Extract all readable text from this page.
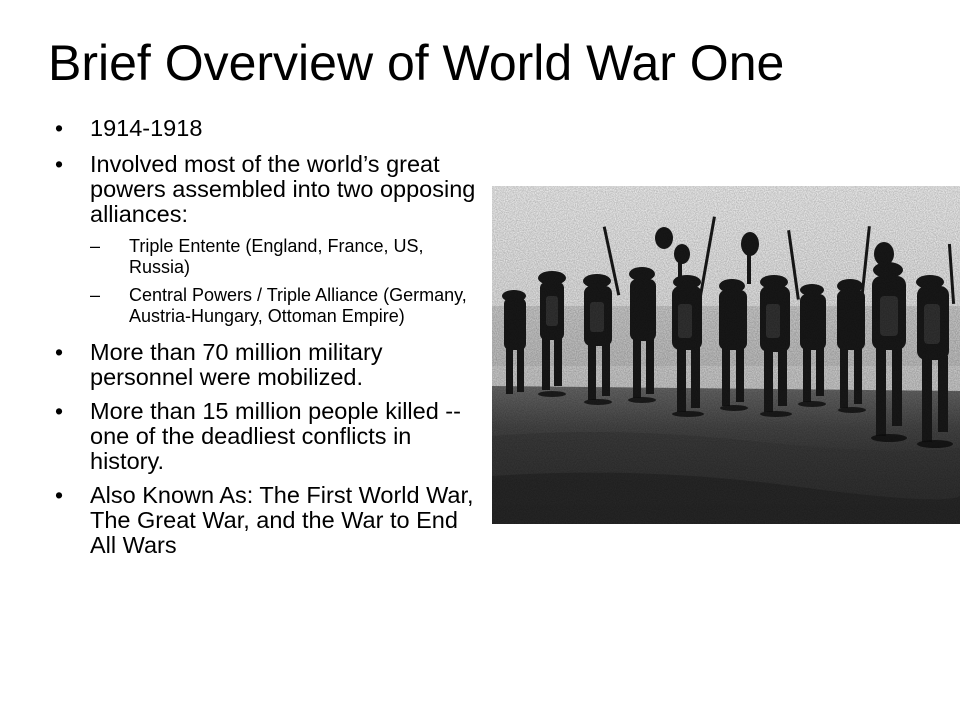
Brief Overview of World War One
• 1914-1918
• Involved most of the world’s great powers assembled into two opposing alliances:
– Triple Entente (England, France, US, Russia)
– Central Powers / Triple Alliance (Germany, Austria-Hungary, Ottoman Empire)
• More than 70 million military personnel were mobilized.
• More than 15 million people killed -- one of the deadliest conflicts in history.
• Also Known As: The First World War, The Great War, and the War to End All Wars
